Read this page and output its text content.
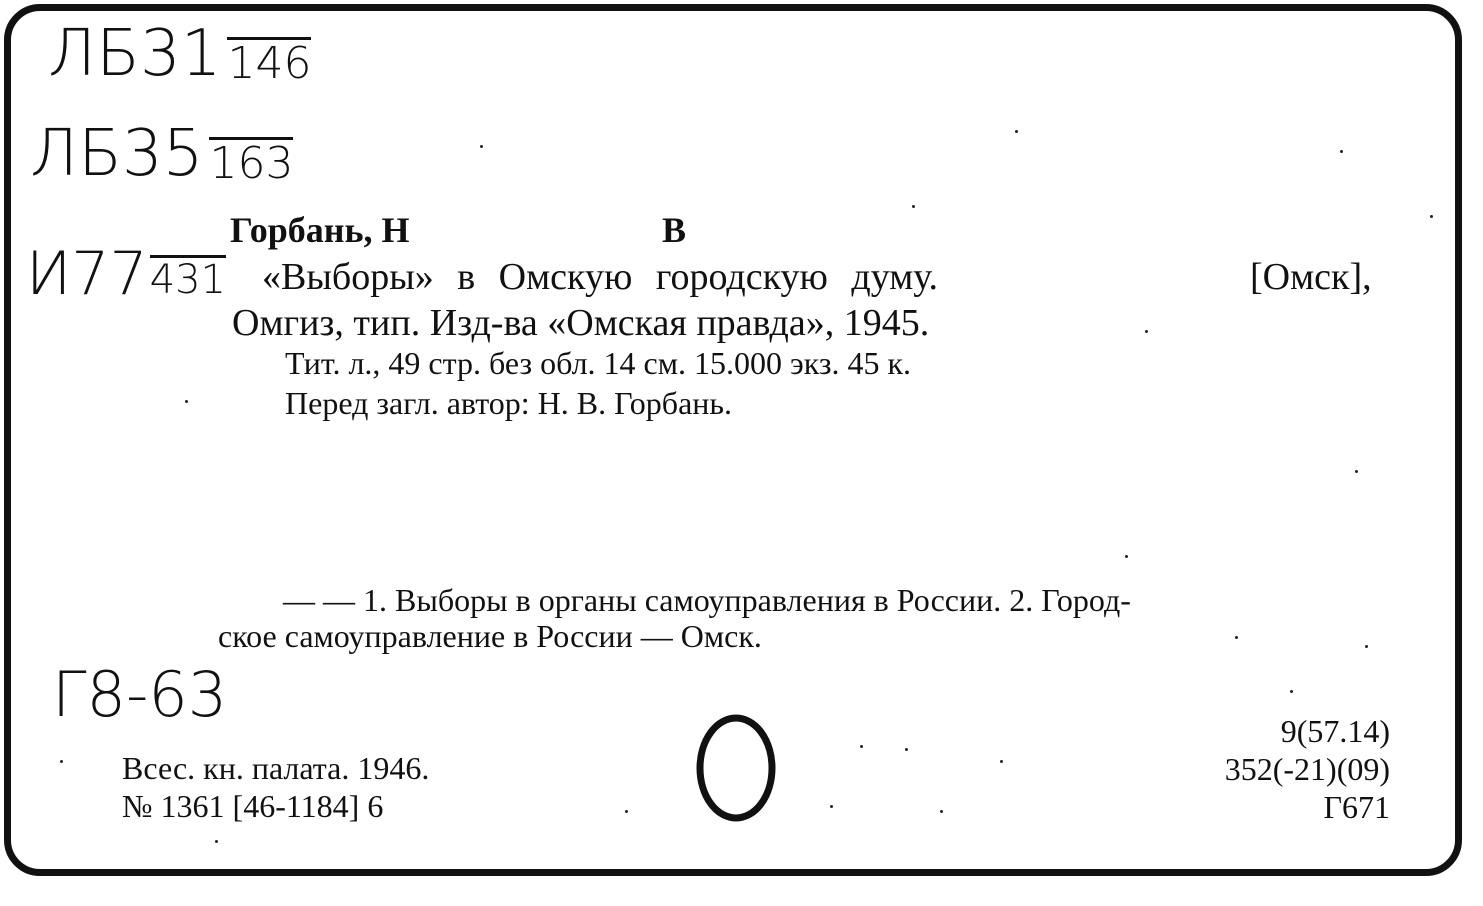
ЛБ31 146
ЛБ35 163
И77431
Горбань, Н	В
«Выборы» в Омскую городскую думу.	[Омск],
Омгиз, тип. Изд-ва «Омская правда», 1945.
Тит. л., 49 стр. без обл. 14 см. 15.000 экз. 45 к.
Перед загл. автор: Н. В. Горбань.
— — 1. Выборы в органы самоуправления в России. 2. Город-
ское самоуправление в России — Омск.
Г8-63
Всес. кн. палата. 1946.
№ 1361 [46-1184] 6
9(57.14)
352(-21)(09)
Г671
